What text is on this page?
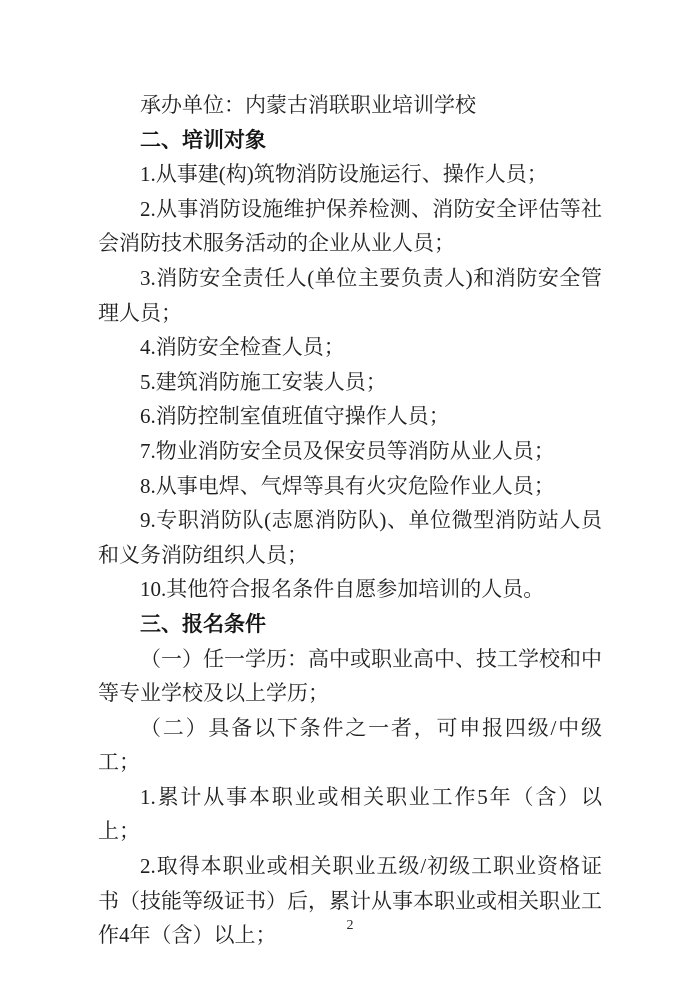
承办单位：内蒙古消联职业培训学校

二、培训对象

1.从事建(构)筑物消防设施运行、操作人员；

2.从事消防设施维护保养检测、消防安全评估等社会消防技术服务活动的企业从业人员；

3.消防安全责任人(单位主要负责人)和消防安全管理人员；

4.消防安全检查人员；

5.建筑消防施工安装人员；

6.消防控制室值班值守操作人员；

7.物业消防安全员及保安员等消防从业人员；

8.从事电焊、气焊等具有火灾危险作业人员；

9.专职消防队(志愿消防队)、单位微型消防站人员和义务消防组织人员；

10.其他符合报名条件自愿参加培训的人员。

三、报名条件

（一）任一学历：高中或职业高中、技工学校和中等专业学校及以上学历；

（二）具备以下条件之一者，可申报四级/中级工；

1.累计从事本职业或相关职业工作5年（含）以上；

2.取得本职业或相关职业五级/初级工职业资格证书（技能等级证书）后，累计从事本职业或相关职业工作4年（含）以上；	2
